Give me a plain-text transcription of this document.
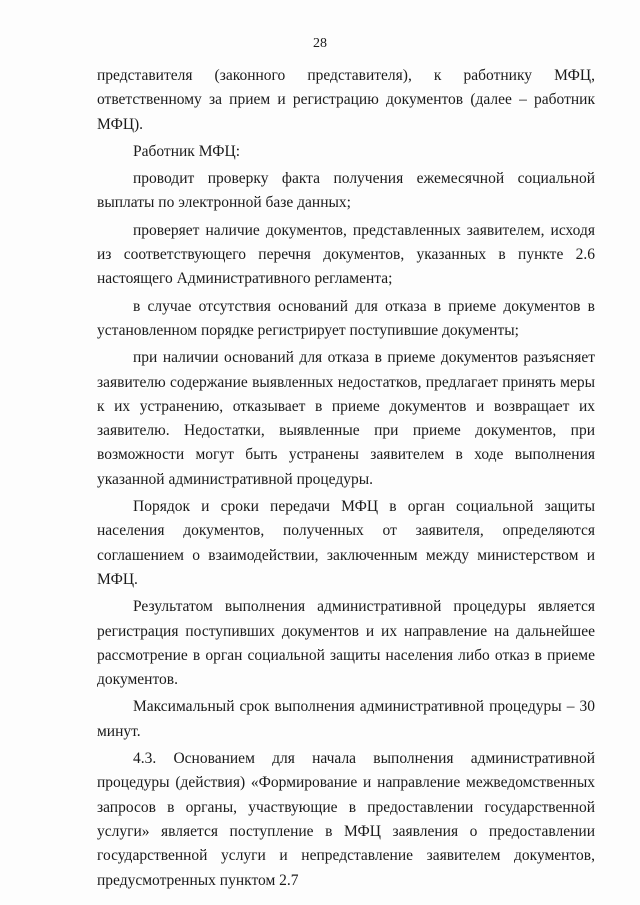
28

представителя (законного представителя), к работнику МФЦ, ответственному за прием и регистрацию документов (далее – работник МФЦ).

Работник МФЦ:

проводит проверку факта получения ежемесячной социальной выплаты по электронной базе данных;

проверяет наличие документов, представленных заявителем, исходя из соответствующего перечня документов, указанных в пункте 2.6 настоящего Административного регламента;

в случае отсутствия оснований для отказа в приеме документов в установленном порядке регистрирует поступившие документы;

при наличии оснований для отказа в приеме документов разъясняет заявителю содержание выявленных недостатков, предлагает принять меры к их устранению, отказывает в приеме документов и возвращает их заявителю. Недостатки, выявленные при приеме документов, при возможности могут быть устранены заявителем в ходе выполнения указанной административной процедуры.

Порядок и сроки передачи МФЦ в орган социальной защиты населения документов, полученных от заявителя, определяются соглашением о взаимодействии, заключенным между министерством и МФЦ.

Результатом выполнения административной процедуры является регистрация поступивших документов и их направление на дальнейшее рассмотрение в орган социальной защиты населения либо отказ в приеме документов.

Максимальный срок выполнения административной процедуры – 30 минут.

4.3. Основанием для начала выполнения административной процедуры (действия) «Формирование и направление межведомственных запросов в органы, участвующие в предоставлении государственной услуги» является поступление в МФЦ заявления о предоставлении государственной услуги и непредставление заявителем документов, предусмотренных пунктом 2.7
